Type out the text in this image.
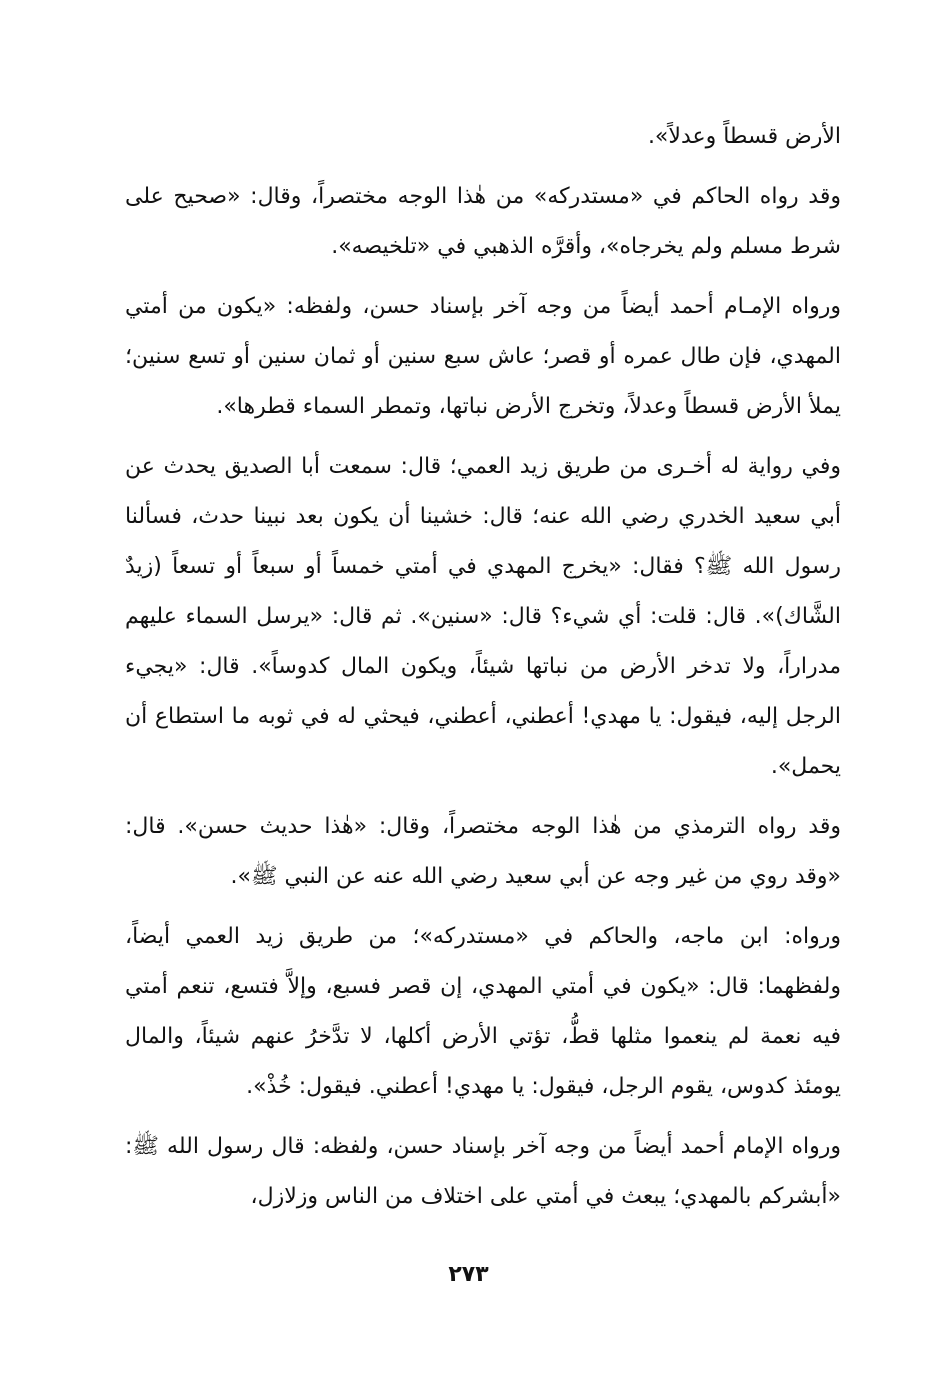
الأرض قسطاً وعدلاً».

وقد رواه الحاكم في «مستدركه» من هٰذا الوجه مختصراً، وقال: «صحيح على شرط مسلم ولم يخرجاه»، وأقرَّه الذهبي في «تلخيصه».

ورواه الإمـام أحمد أيضاً من وجه آخر بإسناد حسن، ولفظه: «يكون من أمتي المهدي، فإن طال عمره أو قصر؛ عاش سبع سنين أو ثمان سنين أو تسع سنين؛ يملأ الأرض قسطاً وعدلاً، وتخرج الأرض نباتها، وتمطر السماء قطرها».

وفي رواية له أخـرى من طريق زيد العمي؛ قال: سمعت أبا الصديق يحدث عن أبي سعيد الخدري رضي الله عنه؛ قال: خشينا أن يكون بعد نبينا حدث، فسألنا رسول الله ﷺ؟ فقال: «يخرج المهدي في أمتي خمساً أو سبعاً أو تسعاً (زيدٌ الشَّاك)». قال: قلت: أي شيء؟ قال: «سنين». ثم قال: «يرسل السماء عليهم مدراراً، ولا تدخر الأرض من نباتها شيئاً، ويكون المال كدوساً». قال: «يجيء الرجل إليه، فيقول: يا مهدي! أعطني، أعطني، فيحثي له في ثوبه ما استطاع أن يحمل».

وقد رواه الترمذي من هٰذا الوجه مختصراً، وقال: «هٰذا حديث حسن». قال: «وقد روي من غير وجه عن أبي سعيد رضي الله عنه عن النبي ﷺ».

ورواه: ابن ماجه، والحاكم في «مستدركه»؛ من طريق زيد العمي أيضاً، ولفظهما: قال: «يكون في أمتي المهدي، إن قصر فسبع، وإلاَّ فتسع، تنعم أمتي فيه نعمة لم ينعموا مثلها قطُّ، تؤتي الأرض أكلها، لا تدَّخرُ عنهم شيئاً، والمال يومئذ كدوس، يقوم الرجل، فيقول: يا مهدي! أعطني. فيقول: خُذْ».

ورواه الإمام أحمد أيضاً من وجه آخر بإسناد حسن، ولفظه: قال رسول الله ﷺ: «أبشركم بالمهدي؛ يبعث في أمتي على اختلاف من الناس وزلازل،

٢٧٣
